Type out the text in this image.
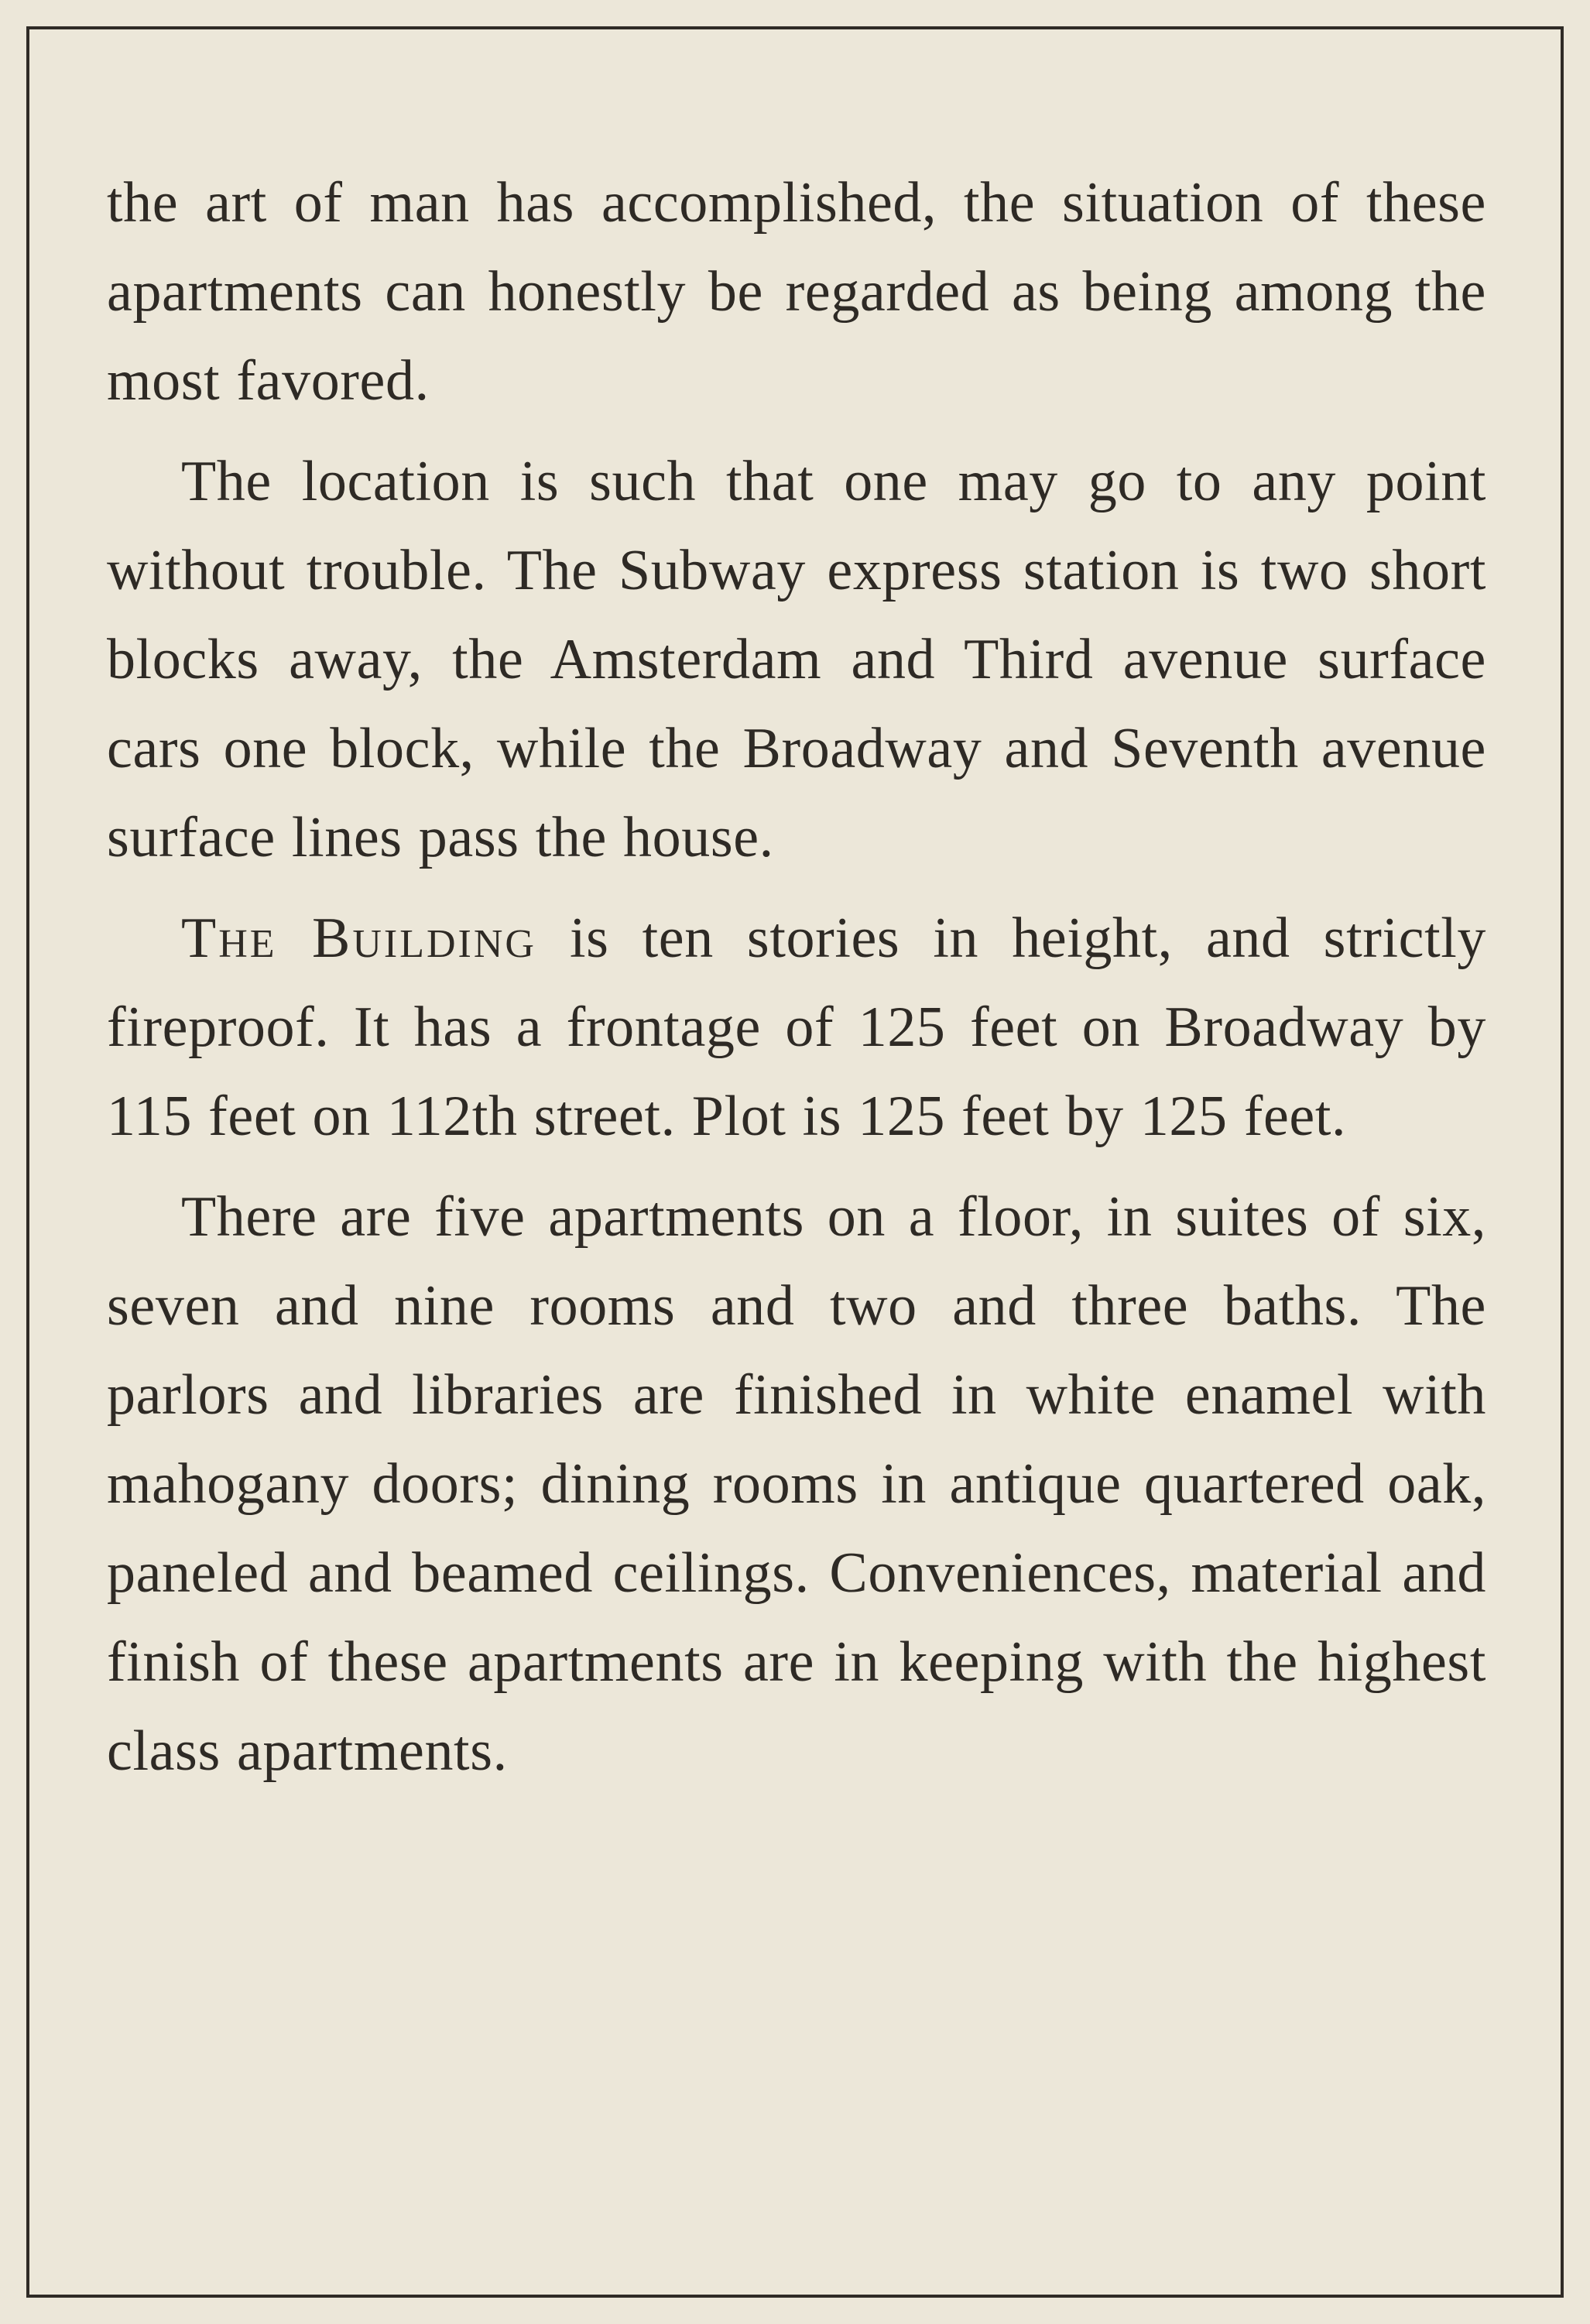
the art of man has accomplished, the situation of these apartments can honestly be regarded as being among the most favored.

The location is such that one may go to any point without trouble. The Subway express station is two short blocks away, the Amsterdam and Third avenue surface cars one block, while the Broadway and Seventh avenue surface lines pass the house.

The Building is ten stories in height, and strictly fireproof. It has a frontage of 125 feet on Broadway by 115 feet on 112th street. Plot is 125 feet by 125 feet.

There are five apartments on a floor, in suites of six, seven and nine rooms and two and three baths. The parlors and libraries are finished in white enamel with mahogany doors; dining rooms in antique quartered oak, paneled and beamed ceilings. Conveniences, material and finish of these apartments are in keeping with the highest class apartments.
